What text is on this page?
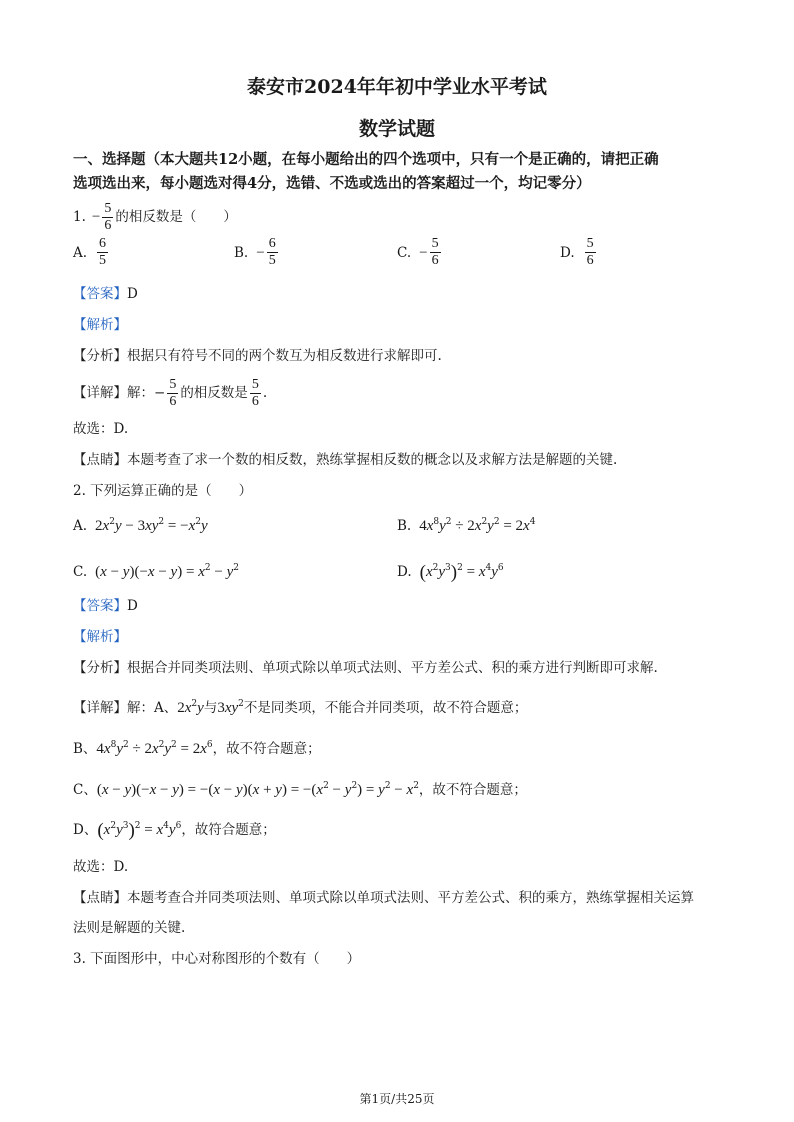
泰安市2024年年初中学业水平考试
数学试题
一、选择题（本大题共12小题，在每小题给出的四个选项中，只有一个是正确的，请把正确
选项选出来，每小题选对得4分，选错、不选或选出的答案超过一个，均记零分）
1. − $\frac{5}{6}$ 的相反数是（　　）
A. $\frac{6}{5}$	B. − $\frac{6}{5}$	C. − $\frac{5}{6}$	D. $\frac{5}{6}$
【答案】D
【解析】
【分析】根据只有符号不同的两个数互为相反数进行求解即可.
【详解】 解：− $\frac{5}{6}$ 的相反数是 $\frac{5}{6}$ .
故选：D.
【点睛】本题考查了求一个数的相反数，熟练掌握相反数的概念以及求解方法是解题的关键.
2. 下列运算正确的是（　　）
A. $2x^2y - 3xy^2 = -x^2y$	B. $4x^8y^2 \div 2x^2y^2 = 2x^4$
C. $(x - y)(-x - y) = x^2 - y^2$	D. $(x^2y^3)^2 = x^4y^6$
【答案】D
【解析】
【分析】根据合并同类项法则、单项式除以单项式法则、平方差公式、积的乘方进行判断即可求解.
【详解】解：A、$2x^2y$与$3xy^2$不是同类项，不能合并同类项，故不符合题意；
B、$4x^8y^2 \div 2x^2y^2 = 2x^6$，故不符合题意；
C、$(x - y)(-x - y) = -(x - y)(x + y) = -(x^2 - y^2) = y^2 - x^2$，故不符合题意；
D、$(x^2y^3)^2 = x^4y^6$，故符合题意；
故选：D.
【点睛】本题考查合并同类项法则、单项式除以单项式法则、平方差公式、积的乘方，熟练掌握相关运算
法则是解题的关键.
3. 下面图形中，中心对称图形的个数有（　　）
第1页/共25页
